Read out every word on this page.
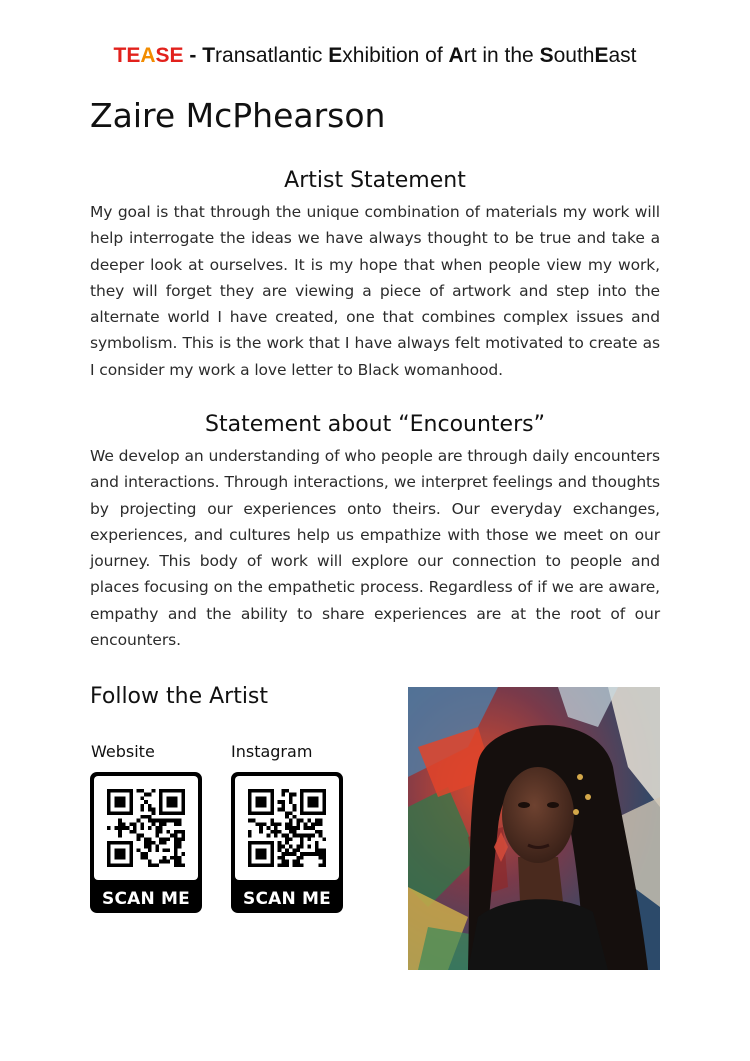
TEASE - Transatlantic Exhibition of Art in the SouthEast
Zaire McPhearson
Artist Statement
My goal is that through the unique combination of materials my work will help interrogate the ideas we have always thought to be true and take a deeper look at ourselves. It is my hope that when people view my work, they will forget they are viewing a piece of artwork and step into the alternate world I have created, one that combines complex issues and symbolism. This is the work that I have always felt motivated to create as I consider my work a love letter to Black womanhood.
Statement about “Encounters”
We develop an understanding of who people are through daily encounters and interactions. Through interactions, we interpret feelings and thoughts by projecting our experiences onto theirs. Our everyday exchanges, experiences, and cultures help us empathize with those we meet on our journey. This body of work will explore our connection to people and places focusing on the empathetic process. Regardless of if we are aware, empathy and the ability to share experiences are at the root of our encounters.
Follow the Artist
Website	Instagram
SCAN ME	SCAN ME
